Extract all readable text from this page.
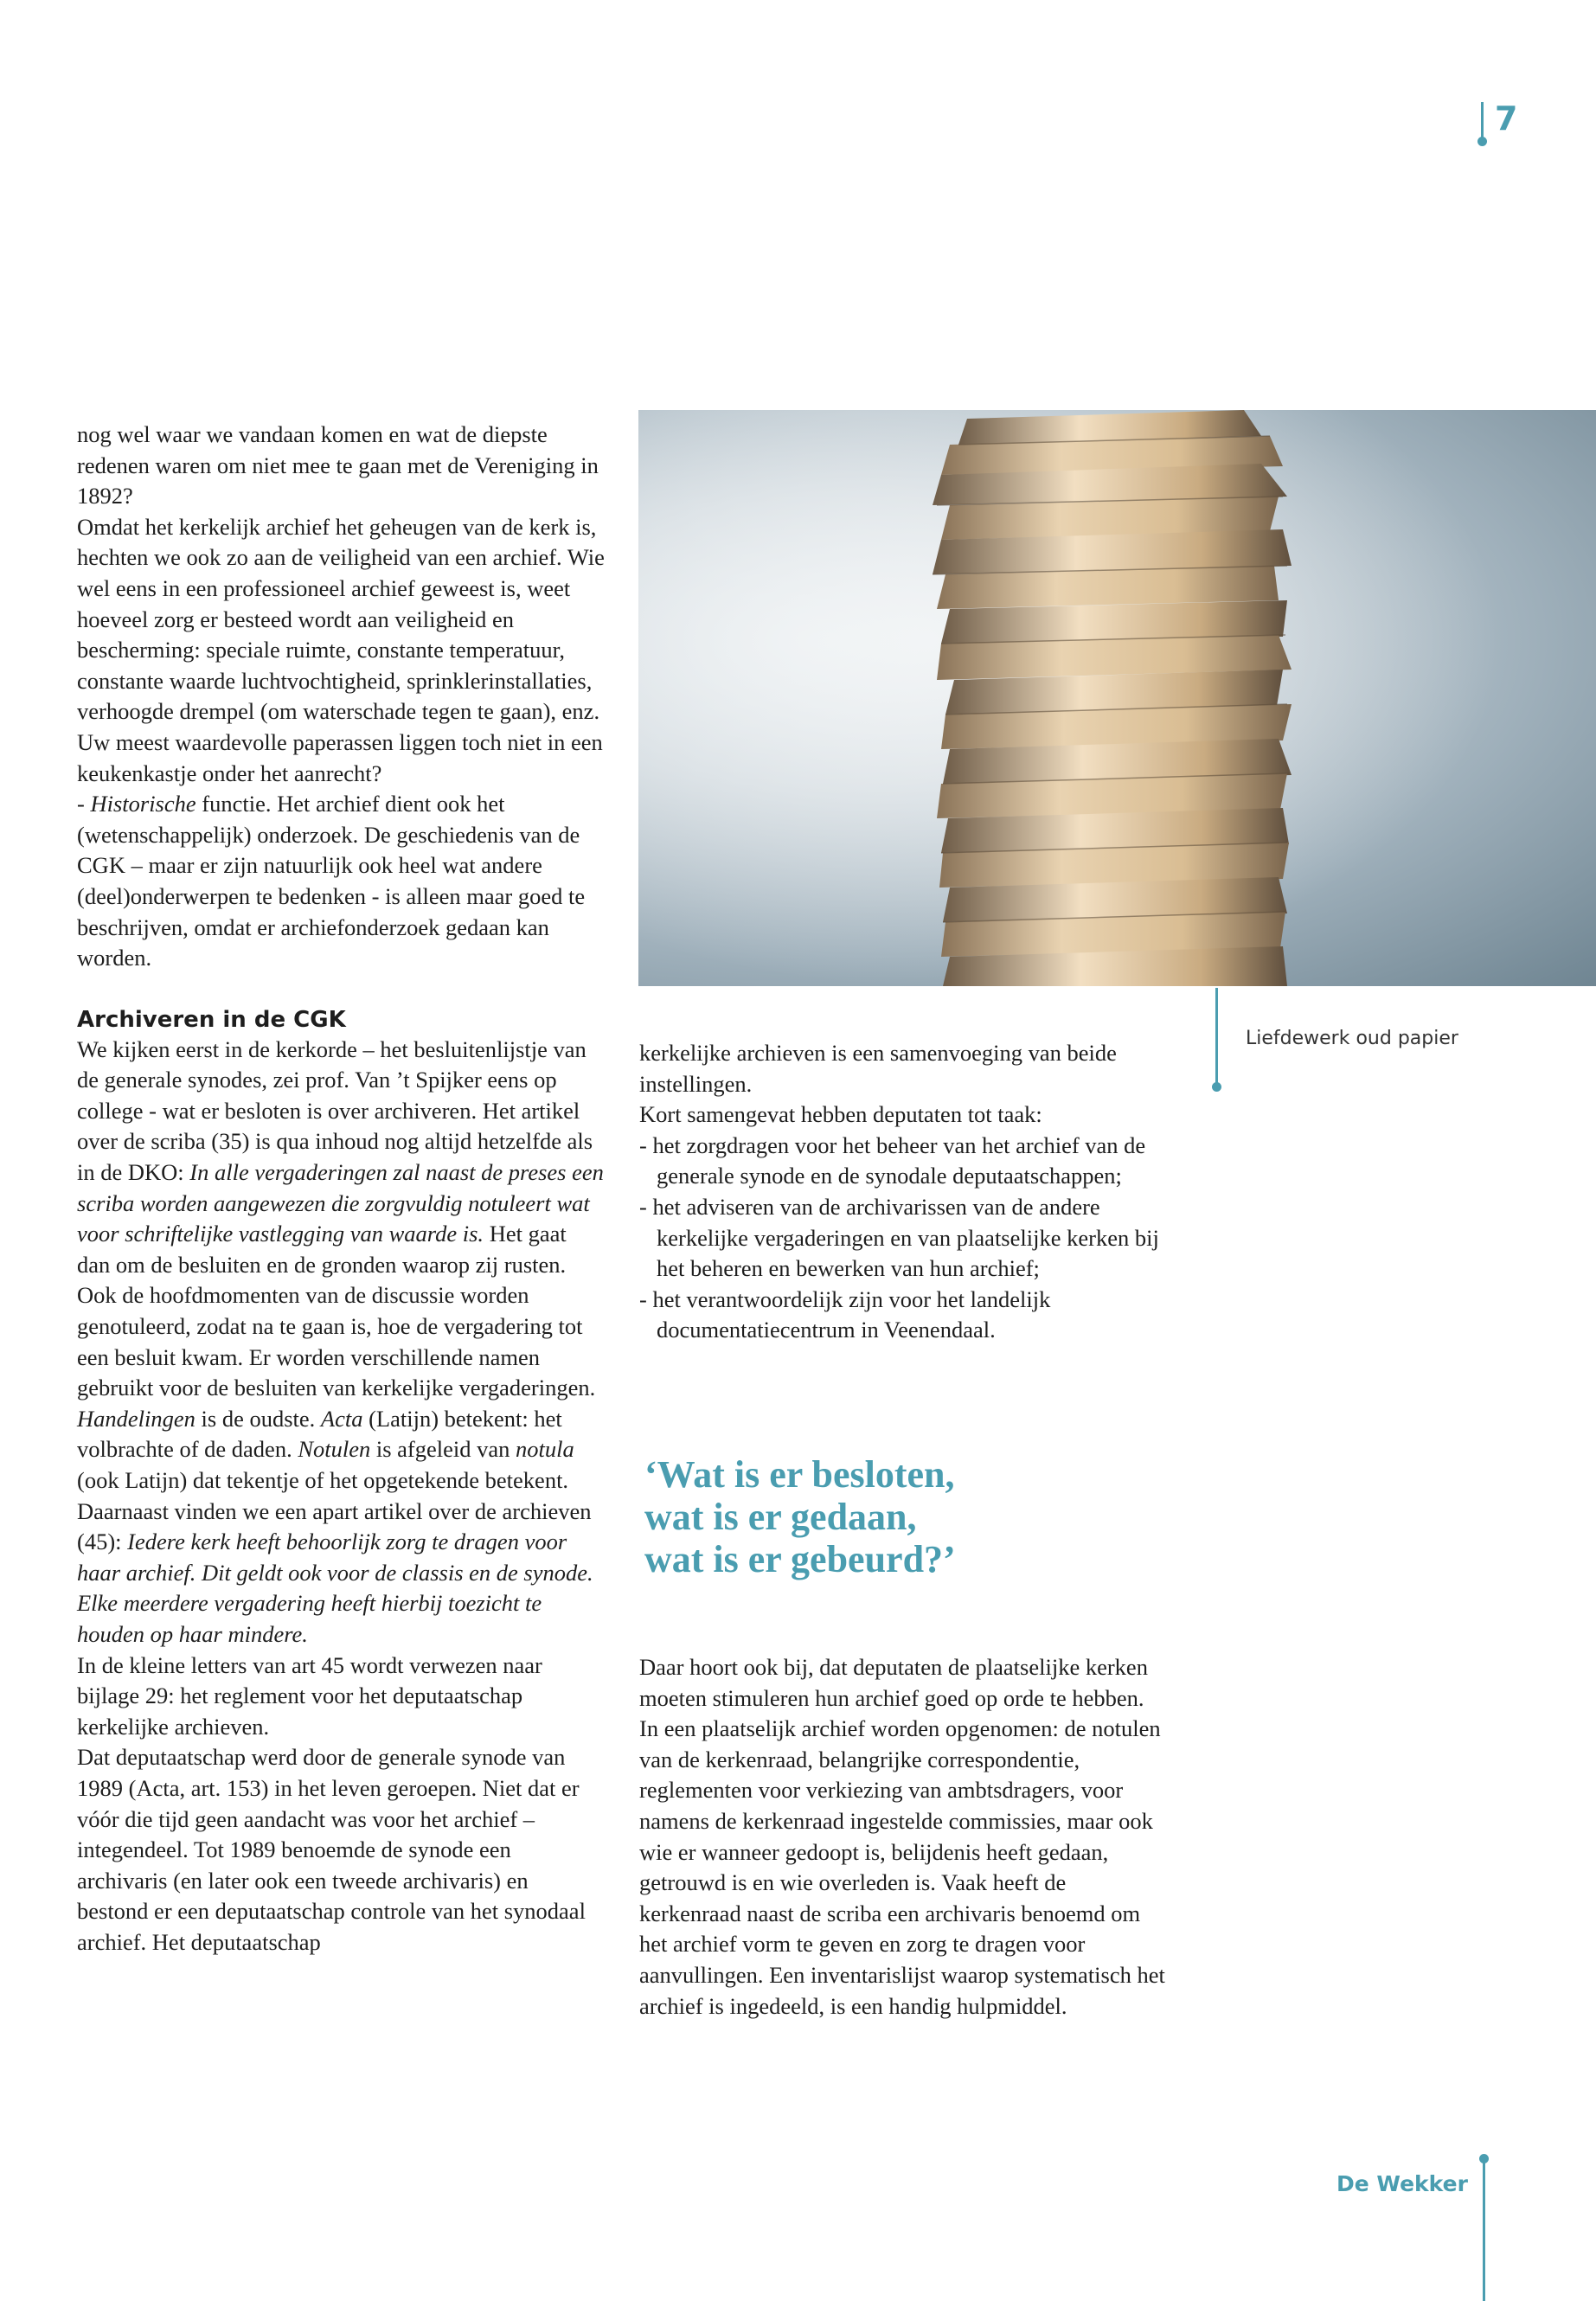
7

nog wel waar we vandaan komen en wat de diepste redenen waren om niet mee te gaan met de Vereniging in 1892?

Omdat het kerkelijk archief het geheugen van de kerk is, hechten we ook zo aan de veiligheid van een archief. Wie wel eens in een professioneel archief geweest is, weet hoeveel zorg er besteed wordt aan veiligheid en bescherming: speciale ruimte, constante temperatuur, constante waarde luchtvochtigheid, sprinklerinstallaties, verhoogde drempel (om waterschade tegen te gaan), enz. Uw meest waardevolle paperassen liggen toch niet in een keukenkastje onder het aanrecht?

- Historische functie. Het archief dient ook het (wetenschappelijk) onderzoek. De geschiedenis van de CGK – maar er zijn natuurlijk ook heel wat andere (deel)onderwerpen te bedenken - is alleen maar goed te beschrijven, omdat er archiefonderzoek gedaan kan worden.

Archiveren in de CGK

We kijken eerst in de kerkorde – het besluitenlijstje van de generale synodes, zei prof. Van ’t Spijker eens op college - wat er besloten is over archiveren. Het artikel over de scriba (35) is qua inhoud nog altijd hetzelfde als in de DKO: In alle vergaderingen zal naast de preses een scriba worden aangewezen die zorgvuldig notuleert wat voor schriftelijke vastlegging van waarde is. Het gaat dan om de besluiten en de gronden waarop zij rusten. Ook de hoofdmomenten van de discussie worden genotuleerd, zodat na te gaan is, hoe de vergadering tot een besluit kwam. Er worden verschillende namen gebruikt voor de besluiten van kerkelijke vergaderingen. Handelingen is de oudste. Acta (Latijn) betekent: het volbrachte of de daden. Notulen is afgeleid van notula (ook Latijn) dat tekentje of het opgetekende betekent.

Daarnaast vinden we een apart artikel over de archieven (45): Iedere kerk heeft behoorlijk zorg te dragen voor haar archief. Dit geldt ook voor de classis en de synode. Elke meerdere vergadering heeft hierbij toezicht te houden op haar mindere.

In de kleine letters van art 45 wordt verwezen naar bijlage 29: het reglement voor het deputaatschap kerkelijke archieven.

Dat deputaatschap werd door de generale synode van 1989 (Acta, art. 153) in het leven geroepen. Niet dat er vóór die tijd geen aandacht was voor het archief – integendeel. Tot 1989 benoemde de synode een archivaris (en later ook een tweede archivaris) en bestond er een deputaatschap controle van het synodaal archief. Het deputaatschap

Liefdewerk oud papier

kerkelijke archieven is een samenvoeging van beide instellingen.

Kort samengevat hebben deputaten tot taak:

- het zorgdragen voor het beheer van het archief van de generale synode en de synodale deputaatschappen;

- het adviseren van de archivarissen van de andere kerkelijke vergaderingen en van plaatselijke kerken bij het beheren en bewerken van hun archief;

- het verantwoordelijk zijn voor het landelijk documentatiecentrum in Veenendaal.

‘Wat is er besloten,

wat is er gedaan,

wat is er gebeurd?’

Daar hoort ook bij, dat deputaten de plaatselijke kerken moeten stimuleren hun archief goed op orde te hebben. In een plaatselijk archief worden opgenomen: de notulen van de kerkenraad, belangrijke correspondentie, reglementen voor verkiezing van ambtsdragers, voor namens de kerkenraad ingestelde commissies, maar ook wie er wanneer gedoopt is, belijdenis heeft gedaan, getrouwd is en wie overleden is. Vaak heeft de kerkenraad naast de scriba een archivaris benoemd om het archief vorm te geven en zorg te dragen voor aanvullingen. Een inventarislijst waarop systematisch het archief is ingedeeld, is een handig hulpmiddel.

De Wekker
